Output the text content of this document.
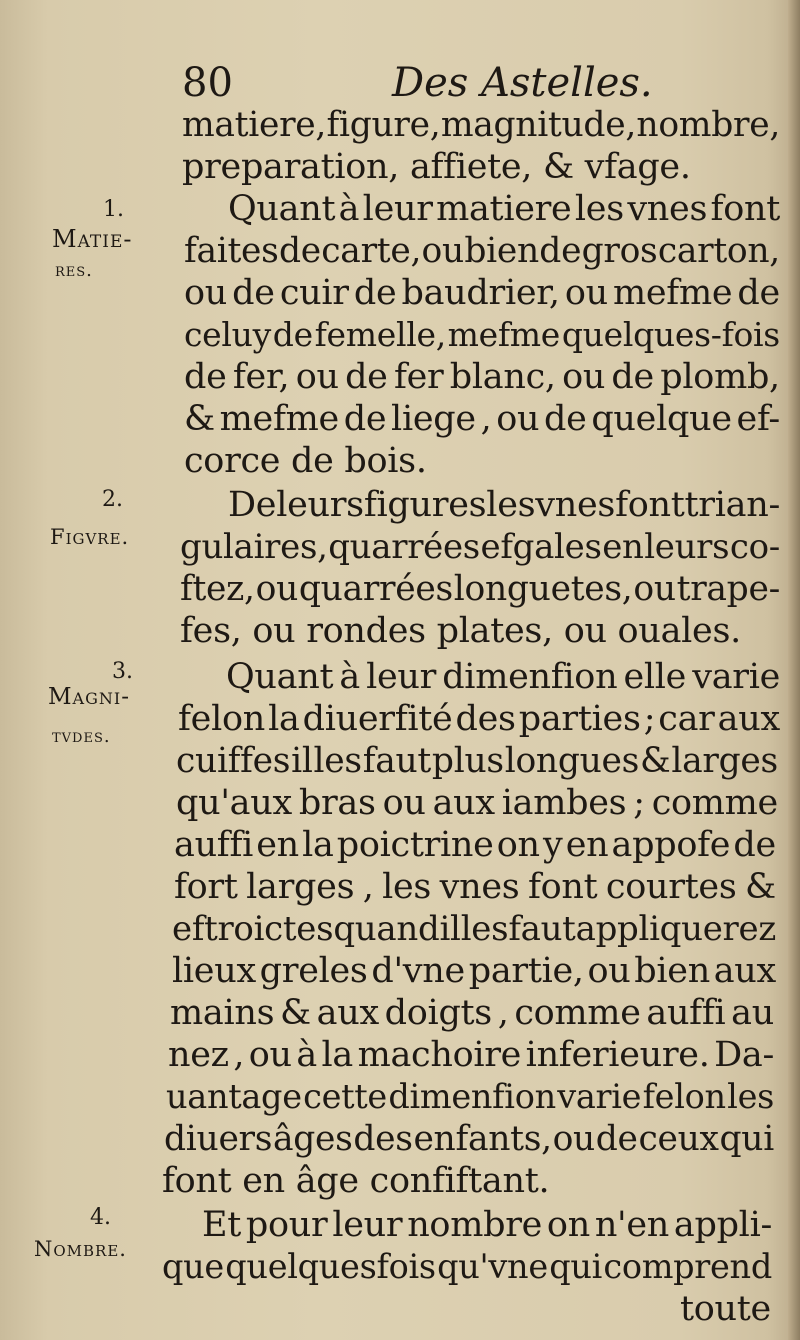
80	Des Astelles.
1.
Matie-
res.
2.
Figvre.
3.
Magni-
tvdes.
4.
Nombre.
matiere, figure, magnitude, nombre,
preparation, affiete, & vfage.
Quant à leur matiere les vnes font
faites de carte, ou bien de gros carton,
ou de cuir de baudrier, ou mefme de
celuy de femelle, mefme quelques-fois
de fer, ou de fer blanc, ou de plomb,
& mefme de liege , ou de quelque ef-
corce de bois.
De leurs figures les vnes font trian-
gulaires, quarrées efgales en leurs co-
ftez, ou quarrées longuetes, ou trape-
fes, ou rondes plates, ou ouales.
Quant à leur dimenfion elle varie
felon la diuerfité des parties ; car aux
cuiffes il les faut plus longues & larges
qu'aux bras ou aux iambes ; comme
auffi en la poictrine on y en appofe de
fort larges , les vnes font courtes &
eftroictes quand il les faut appliquer ez
lieux greles d'vne partie, ou bien aux
mains & aux doigts , comme auffi au
nez , ou à la machoire inferieure. Da-
uantage cette dimenfion varie felon les
diuers âges des enfants, ou de ceux qui
font en âge confiftant.
Et pour leur nombre on n'en appli-
que quelquesfois qu'vne qui comprend
toute
